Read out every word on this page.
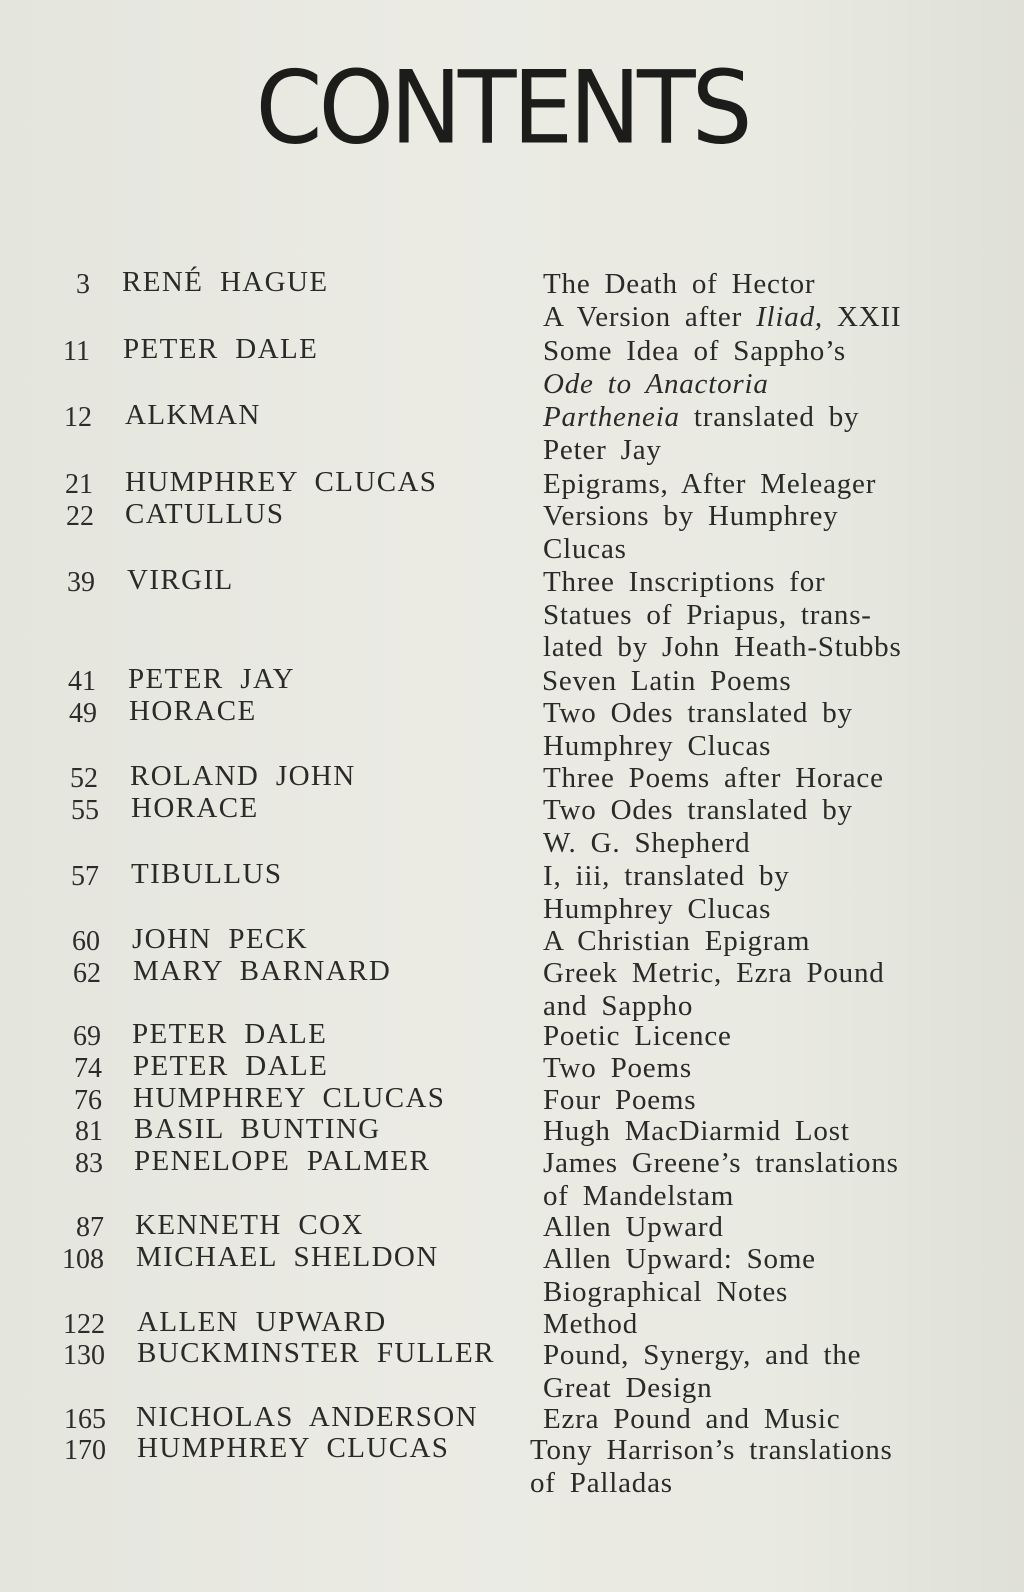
CONTENTS
3 RENÉ HAGUE	The Death of Hector
A Version after Iliad, XXII
11 PETER DALE	Some Idea of Sappho’s
Ode to Anactoria
12 ALKMAN	Partheneia translated by
Peter Jay
21 HUMPHREY CLUCAS	Epigrams, After Meleager
22 CATULLUS	Versions by Humphrey
Clucas
39 VIRGIL	Three Inscriptions for
Statues of Priapus, trans-
lated by John Heath-Stubbs
41 PETER JAY	Seven Latin Poems
49 HORACE	Two Odes translated by
Humphrey Clucas
52 ROLAND JOHN	Three Poems after Horace
55 HORACE	Two Odes translated by
W. G. Shepherd
57 TIBULLUS	I, iii, translated by
Humphrey Clucas
60 JOHN PECK	A Christian Epigram
62 MARY BARNARD	Greek Metric, Ezra Pound
and Sappho
69 PETER DALE	Poetic Licence
74 PETER DALE	Two Poems
76 HUMPHREY CLUCAS	Four Poems
81 BASIL BUNTING	Hugh MacDiarmid Lost
83 PENELOPE PALMER	James Greene’s translations
of Mandelstam
87 KENNETH COX	Allen Upward
108 MICHAEL SHELDON	Allen Upward: Some
Biographical Notes
122 ALLEN UPWARD	Method
130 BUCKMINSTER FULLER Pound, Synergy, and the
Great Design
165 NICHOLAS ANDERSON Ezra Pound and Music
170 HUMPHREY CLUCAS	Tony Harrison’s translations
of Palladas
